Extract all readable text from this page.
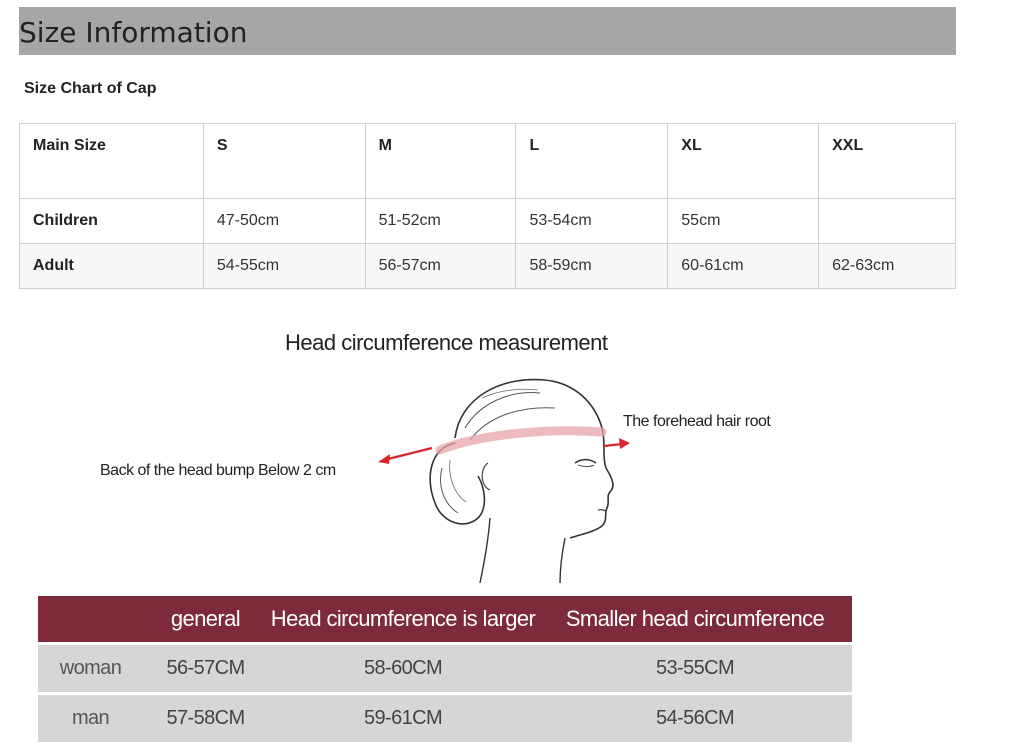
Size Information
Size Chart of Cap
Main Size	S	M	L	XL	XXL
Children	47-50cm	51-52cm	53-54cm	55cm	
Adult	54-55cm	56-57cm	58-59cm	60-61cm	62-63cm
Head circumference measurement
Back of the head bump Below 2 cm
The forehead hair root
	general	Head circumference is larger	Smaller head circumference

woman	56-57CM	58-60CM	53-55CM

man	57-58CM	59-61CM	54-56CM
